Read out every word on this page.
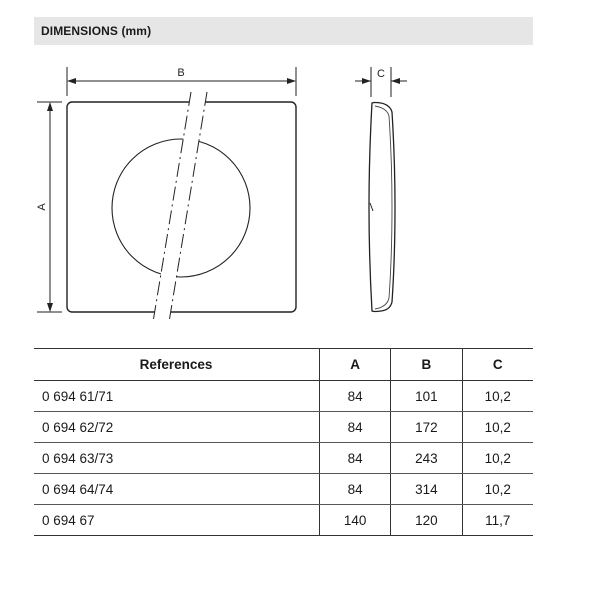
DIMENSIONS (mm)
B	C
A
References	A	B	C
0 694 61/71	84	101	10,2
0 694 62/72	84	172	10,2
0 694 63/73	84	243	10,2
0 694 64/74	84	314	10,2
0 694 67	140	120	11,7
